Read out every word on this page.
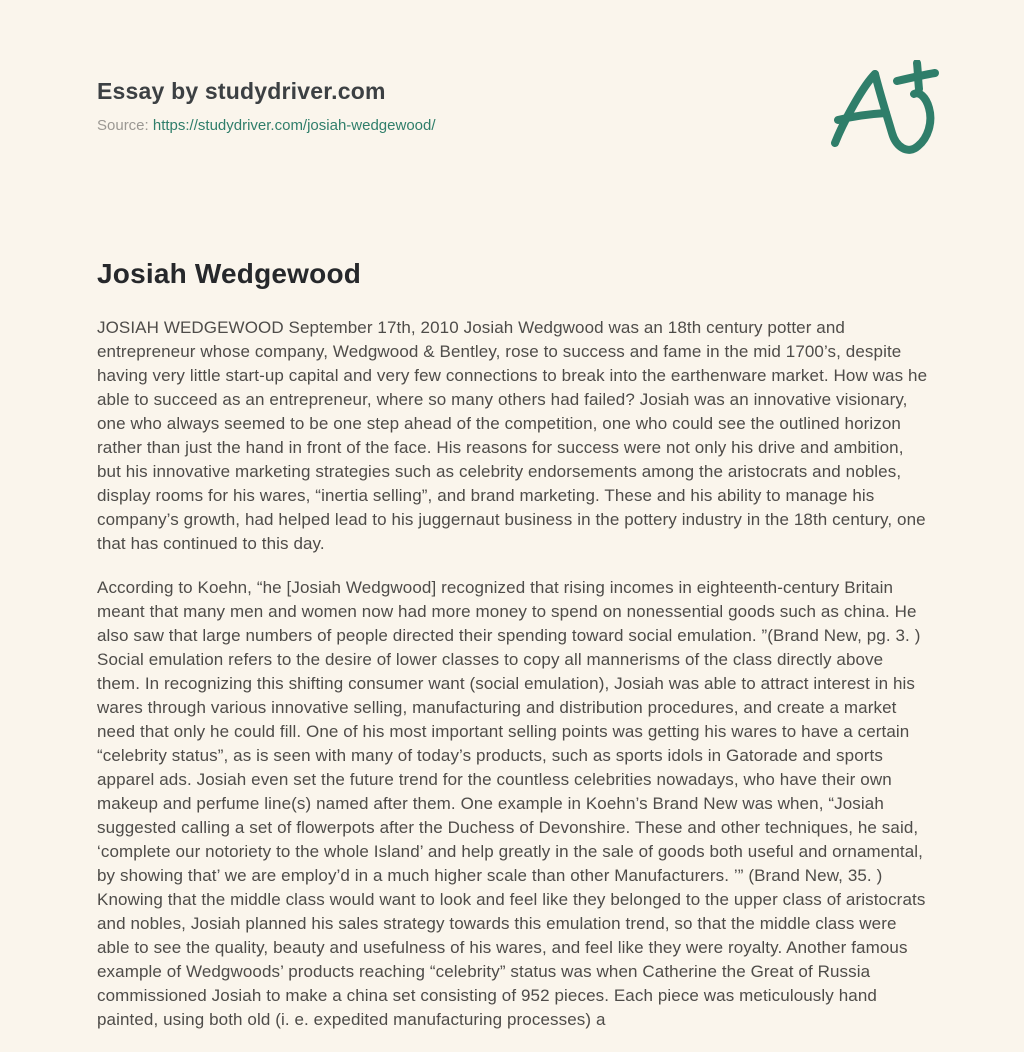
Essay by studydriver.com
Source: https://studydriver.com/josiah-wedgewood/
Josiah Wedgewood

JOSIAH WEDGEWOOD September 17th, 2010 Josiah Wedgwood was an 18th century potter and entrepreneur whose company, Wedgwood & Bentley, rose to success and fame in the mid 1700’s, despite having very little start-up capital and very few connections to break into the earthenware market. How was he able to succeed as an entrepreneur, where so many others had failed? Josiah was an innovative visionary, one who always seemed to be one step ahead of the competition, one who could see the outlined horizon rather than just the hand in front of the face. His reasons for success were not only his drive and ambition, but his innovative marketing strategies such as celebrity endorsements among the aristocrats and nobles, display rooms for his wares, “inertia selling”, and brand marketing. These and his ability to manage his company’s growth, had helped lead to his juggernaut business in the pottery industry in the 18th century, one that has continued to this day.

According to Koehn, “he [Josiah Wedgwood] recognized that rising incomes in eighteenth-century Britain meant that many men and women now had more money to spend on nonessential goods such as china. He also saw that large numbers of people directed their spending toward social emulation. ”(Brand New, pg. 3. ) Social emulation refers to the desire of lower classes to copy all mannerisms of the class directly above them. In recognizing this shifting consumer want (social emulation), Josiah was able to attract interest in his wares through various innovative selling, manufacturing and distribution procedures, and create a market need that only he could fill. One of his most important selling points was getting his wares to have a certain “celebrity status”, as is seen with many of today’s products, such as sports idols in Gatorade and sports apparel ads. Josiah even set the future trend for the countless celebrities nowadays, who have their own makeup and perfume line(s) named after them. One example in Koehn’s Brand New was when, “Josiah suggested calling a set of flowerpots after the Duchess of Devonshire. These and other techniques, he said, ‘complete our notoriety to the whole Island’ and help greatly in the sale of goods both useful and ornamental, by showing that’ we are employ’d in a much higher scale than other Manufacturers. ’” (Brand New, 35. ) Knowing that the middle class would want to look and feel like they belonged to the upper class of aristocrats and nobles, Josiah planned his sales strategy towards this emulation trend, so that the middle class were able to see the quality, beauty and usefulness of his wares, and feel like they were royalty. Another famous example of Wedgwoods’ products reaching “celebrity” status was when Catherine the Great of Russia commissioned Josiah to make a china set consisting of 952 pieces. Each piece was meticulously hand painted, using both old (i. e. expedited manufacturing processes) a
